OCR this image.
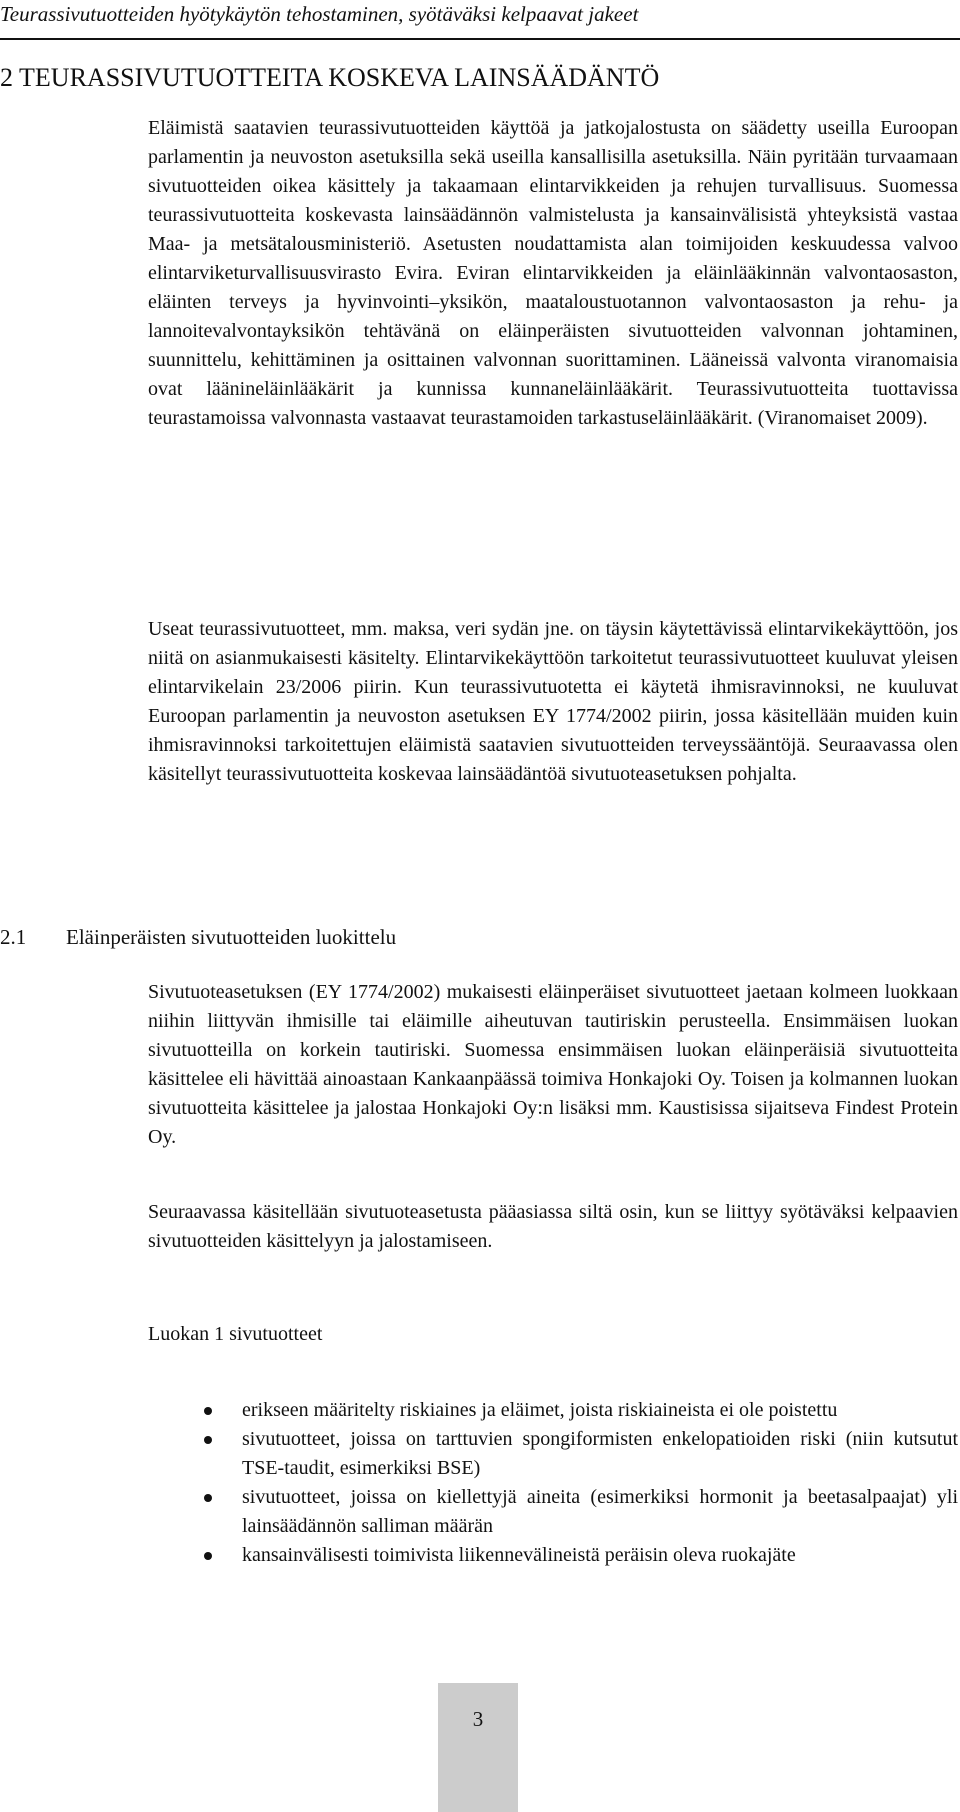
Teurassivutuotteiden hyötykäytön tehostaminen, syötäväksi kelpaavat jakeet
2 TEURASSIVUTUOTTEITA KOSKEVA LAINSÄÄDÄNTÖ

Eläimistä saatavien teurassivutuotteiden käyttöä ja jatkojalostusta on säädetty useilla Euroopan parlamentin ja neuvoston asetuksilla sekä useilla kansallisilla asetuksilla. Näin pyritään turvaamaan sivutuotteiden oikea käsittely ja takaamaan elintarvikkeiden ja rehujen turvallisuus. Suomessa teurassivutuotteita koskevasta lainsäädännön valmistelusta ja kansainvälisistä yhteyksistä vastaa Maa- ja metsätalousministeriö. Asetusten noudattamista alan toimijoiden keskuudessa valvoo elintarviketurvallisuusvirasto Evira. Eviran elintarvikkeiden ja eläinlääkinnän valvontaosaston, eläinten terveys ja hyvinvointi–yksikön, maataloustuotannon valvontaosaston ja rehu- ja lannoitevalvontayksikön tehtävänä on eläinperäisten sivutuotteiden valvonnan johtaminen, suunnittelu, kehittäminen ja osittainen valvonnan suorittaminen. Lääneissä valvonta viranomaisia ovat lääninеläinlääkärit ja kunnissa kunnaneläinlääkärit. Teurassivutuotteita tuottavissa teurastamoissa valvonnasta vastaavat teurastamoiden tarkastuseläinlääkärit. (Viranomaiset 2009).

Useat teurassivutuotteet, mm. maksa, veri sydän jne. on täysin käytettävissä elintarvikekäyttöön, jos niitä on asianmukaisesti käsitelty. Elintarvikekäyttöön tarkoitetut teurassivutuotteet kuuluvat yleisen elintarvikelain 23/2006 piirin. Kun teurassivutuotetta ei käytetä ihmisravinnoksi, ne kuuluvat Euroopan parlamentin ja neuvoston asetuksen EY 1774/2002 piirin, jossa käsitellään muiden kuin ihmisravinnoksi tarkoitettujen eläimistä saatavien sivutuotteiden terveyssääntöjä. Seuraavassa olen käsitellyt teurassivutuotteita koskevaa lainsäädäntöä sivutuoteasetuksen pohjalta.

2.1 Eläinperäisten sivutuotteiden luokittelu

Sivutuoteasetuksen (EY 1774/2002) mukaisesti eläinperäiset sivutuotteet jaetaan kolmeen luokkaan niihin liittyvän ihmisille tai eläimille aiheutuvan tautiriskin perusteella. Ensimmäisen luokan sivutuotteilla on korkein tautiriski. Suomessa ensimmäisen luokan eläinperäisiä sivutuotteita käsittelee eli hävittää ainoastaan Kankaanpäässä toimiva Honkajoki Oy. Toisen ja kolmannen luokan sivutuotteita käsittelee ja jalostaa Honkajoki Oy:n lisäksi mm. Kaustisissa sijaitseva Findest Protein Oy.

Seuraavassa käsitellään sivutuoteasetusta pääasiassa siltä osin, kun se liittyy syötäväksi kelpaavien sivutuotteiden käsittelyyn ja jalostamiseen.

Luokan 1 sivutuotteet

erikseen määritelty riskiaines ja eläimet, joista riskiaineista ei ole poistettu
sivutuotteet, joissa on tarttuvien spongiformisten enkelopatioiden riski (niin kutsutut TSE-taudit, esimerkiksi BSE)
sivutuotteet, joissa on kiellettyjä aineita (esimerkiksi hormonit ja beetasalpaajat) yli lainsäädännön salliman määrän
kansainvälisesti toimivista liikennevälineistä peräisin oleva ruokajäte
3
